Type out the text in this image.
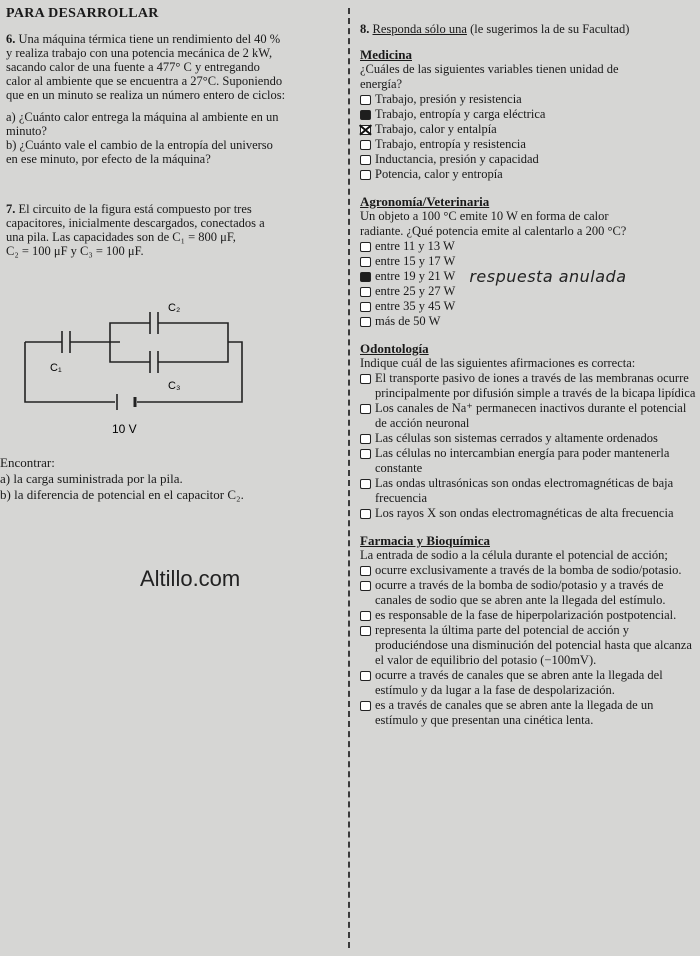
PARA DESARROLLAR

6. Una máquina térmica tiene un rendimiento del 40 %

y realiza trabajo con una potencia mecánica de 2 kW,

sacando calor de una fuente a 477° C y entregando

calor al ambiente que se encuentra a 27°C. Suponiendo

que en un minuto se realiza un número entero de ciclos:

a) ¿Cuánto calor entrega la máquina al ambiente en un

minuto?

b) ¿Cuánto vale el cambio de la entropía del universo

en ese minuto, por efecto de la máquina?

7. El circuito de la figura está compuesto por tres

capacitores, inicialmente descargados, conectados a

una pila. Las capacidades son de C₁ = 800 μF,

C₂ = 100 μF y C₃ = 100 μF.

C₁
C₂
C₃
10 V

Encontrar:

a) la carga suministrada por la pila.

b) la diferencia de potencial en el capacitor C₂.

Altillo.com

8. Responda sólo una (le sugerimos la de su Facultad)

Medicina

¿Cuáles de las siguientes variables tienen unidad de

energía?

Trabajo, presión y resistencia
Trabajo, entropía y carga eléctrica
Trabajo, calor y entalpía
Trabajo, entropía y resistencia
Inductancia, presión y capacidad
Potencia, calor y entropía

Agronomía/Veterinaria

Un objeto a 100 °C emite 10 W en forma de calor

radiante. ¿Qué potencia emite al calentarlo a 200 °C?

entre 11 y 13 W
entre 15 y 17 W
entre 19 y 21 W respuesta anulada
entre 25 y 27 W
entre 35 y 45 W
más de 50 W

Odontología

Indique cuál de las siguientes afirmaciones es correcta:

El transporte pasivo de iones a través de las membranas ocurre principalmente por difusión simple a través de la bicapa lipídica
Los canales de Na⁺ permanecen inactivos durante el potencial de acción neuronal
Las células son sistemas cerrados y altamente ordenados
Las células no intercambian energía para poder mantenerla constante
Las ondas ultrasónicas son ondas electromagnéticas de baja frecuencia
Los rayos X son ondas electromagnéticas de alta frecuencia

Farmacia y Bioquímica

La entrada de sodio a la célula durante el potencial de acción;

ocurre exclusivamente a través de la bomba de sodio/potasio.
ocurre a través de la bomba de sodio/potasio y a través de canales de sodio que se abren ante la llegada del estímulo.
es responsable de la fase de hiperpolarización postpotencial.
representa la última parte del potencial de acción y produciéndose una disminución del potencial hasta que alcanza el valor de equilibrio del potasio (−100mV).
ocurre a través de canales que se abren ante la llegada del estímulo y da lugar a la fase de despolarización.
es a través de canales que se abren ante la llegada de un estímulo y que presentan una cinética lenta.
